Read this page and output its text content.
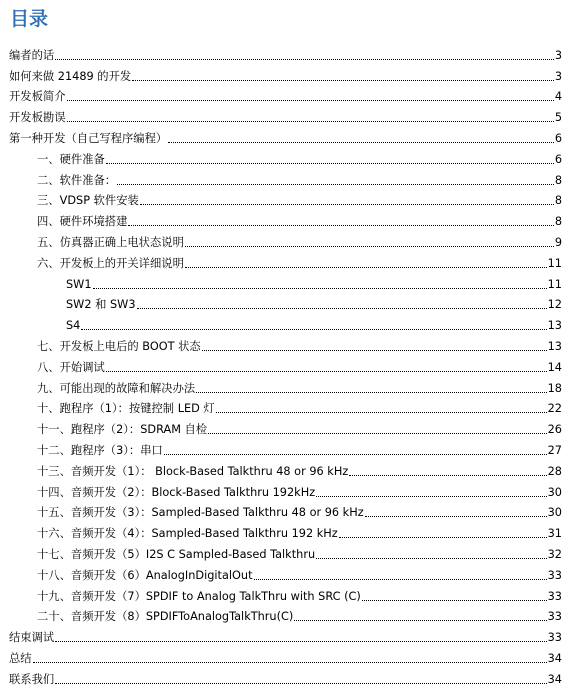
目录
编者的话	3
如何来做 21489 的开发	3
开发板简介	4
开发板勘误	5
第一种开发（自己写程序编程）	6
一、硬件准备	6
二、软件准备：	8
三、VDSP 软件安装	8
四、硬件环境搭建	8
五、仿真器正确上电状态说明	9
六、开发板上的开关详细说明	11
SW1	11
SW2 和 SW3	12
S4	13
七、开发板上电后的 BOOT 状态	13
八、开始调试	14
九、可能出现的故障和解决办法	18
十、跑程序（1）：按键控制 LED 灯	22
十一、跑程序（2）：SDRAM 自检	26
十二、跑程序（3）：串口	27
十三、音频开发（1）： Block-Based Talkthru 48 or 96 kHz	28
十四、音频开发（2）：Block-Based Talkthru 192kHz	30
十五、音频开发（3）：Sampled-Based Talkthru 48 or 96 kHz	30
十六、音频开发（4）：Sampled-Based Talkthru 192 kHz	31
十七、音频开发（5）I2S C Sampled-Based Talkthru	32
十八、音频开发（6）AnalogInDigitalOut	33
十九、音频开发（7）SPDIF to Analog TalkThru with SRC (C)	33
二十、音频开发（8）SPDIFToAnalogTalkThru(C)	33
结束调试	33
总结	34
联系我们	34
